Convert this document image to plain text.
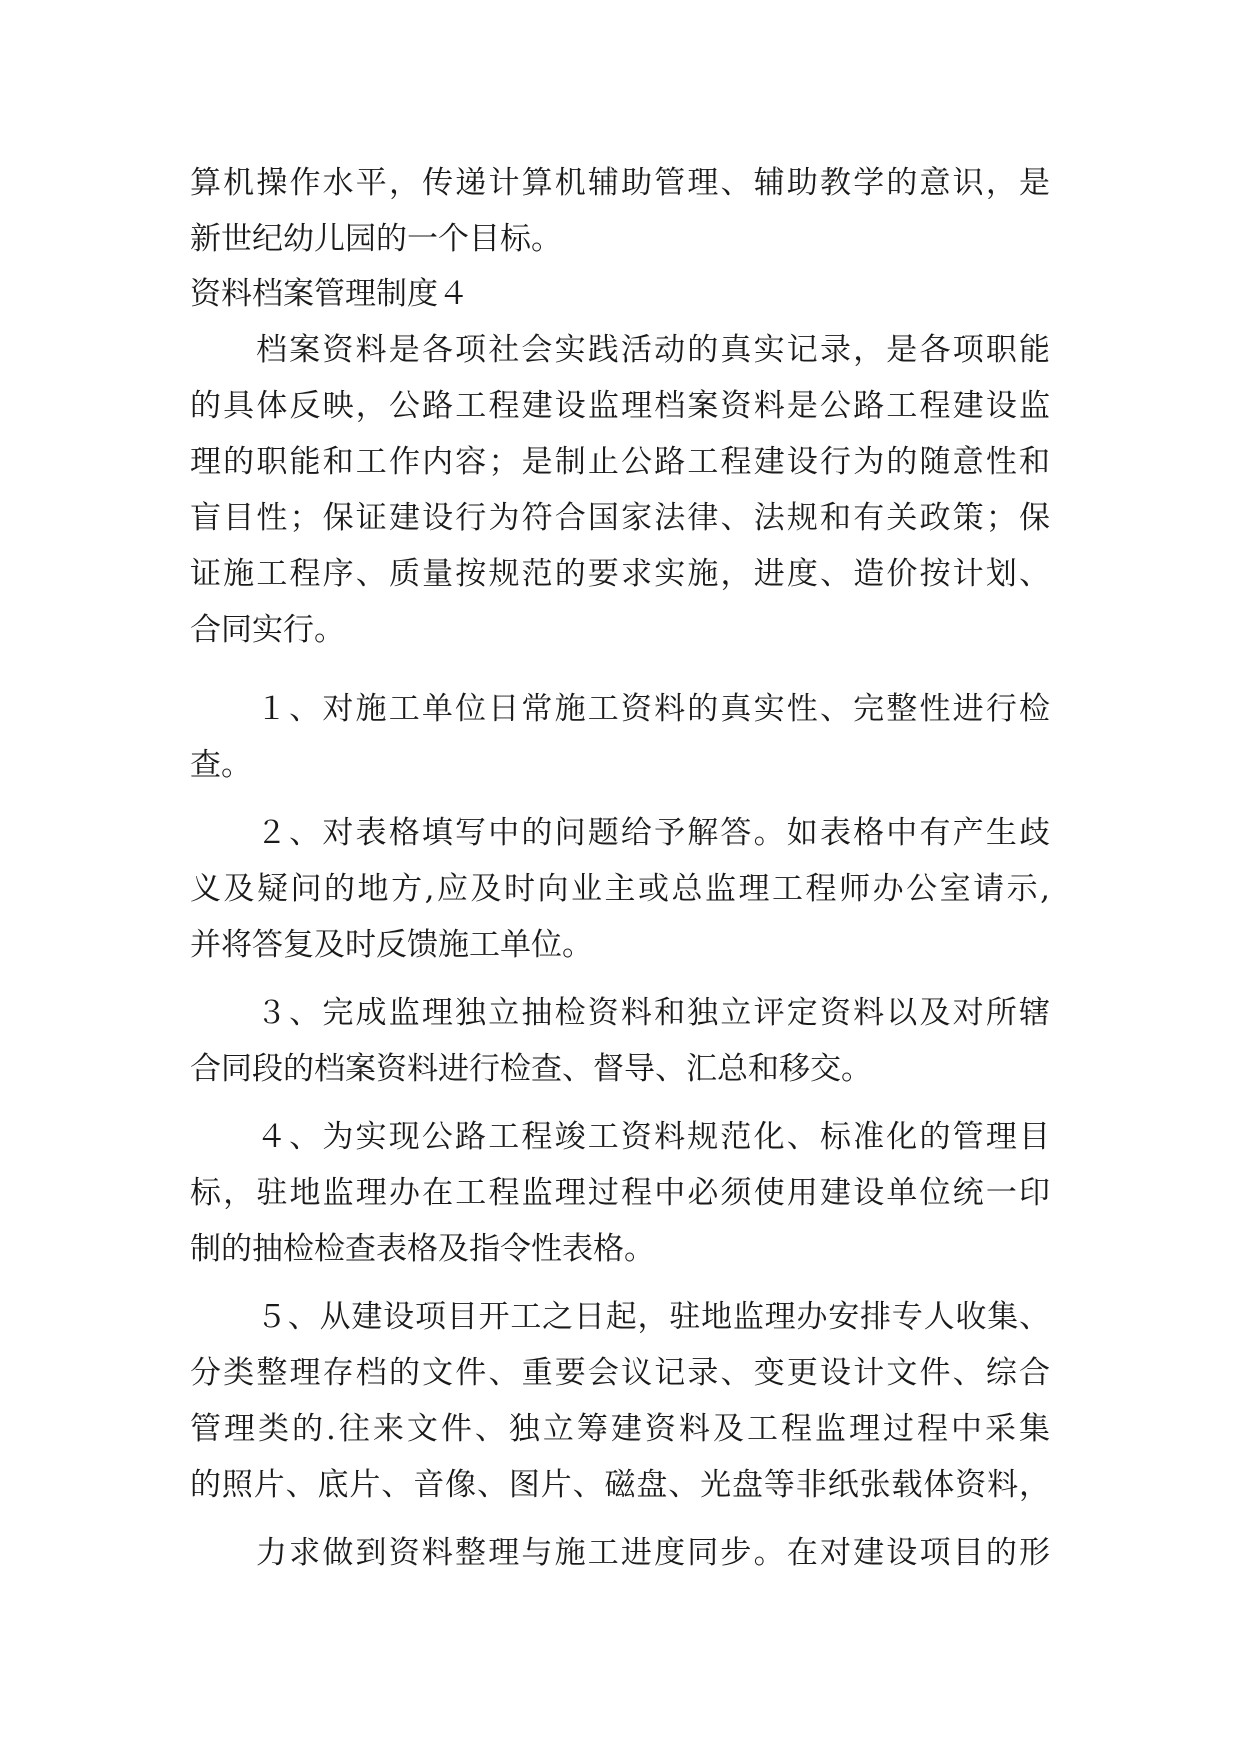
算机操作水平，传递计算机辅助管理、辅助教学的意识，是
新世纪幼儿园的一个目标。
资料档案管理制度４
档案资料是各项社会实践活动的真实记录，是各项职能
的具体反映，公路工程建设监理档案资料是公路工程建设监
理的职能和工作内容；是制止公路工程建设行为的随意性和
盲目性；保证建设行为符合国家法律、法规和有关政策；保
证施工程序、质量按规范的要求实施，进度、造价按计划、
合同实行。
１、对施工单位日常施工资料的真实性、完整性进行检
查。
２、对表格填写中的问题给予解答。如表格中有产生歧
义及疑问的地方,应及时向业主或总监理工程师办公室请示,
并将答复及时反馈施工单位。
３、完成监理独立抽检资料和独立评定资料以及对所辖
合同段的档案资料进行检查、督导、汇总和移交。
４、为实现公路工程竣工资料规范化、标准化的管理目
标，驻地监理办在工程监理过程中必须使用建设单位统一印
制的抽检检查表格及指令性表格。
５、从建设项目开工之日起，驻地监理办安排专人收集、
分类整理存档的文件、重要会议记录、变更设计文件、综合
管理类的.往来文件、独立筹建资料及工程监理过程中采集
的照片、底片、音像、图片、磁盘、光盘等非纸张载体资料，
力求做到资料整理与施工进度同步。在对建设项目的形
